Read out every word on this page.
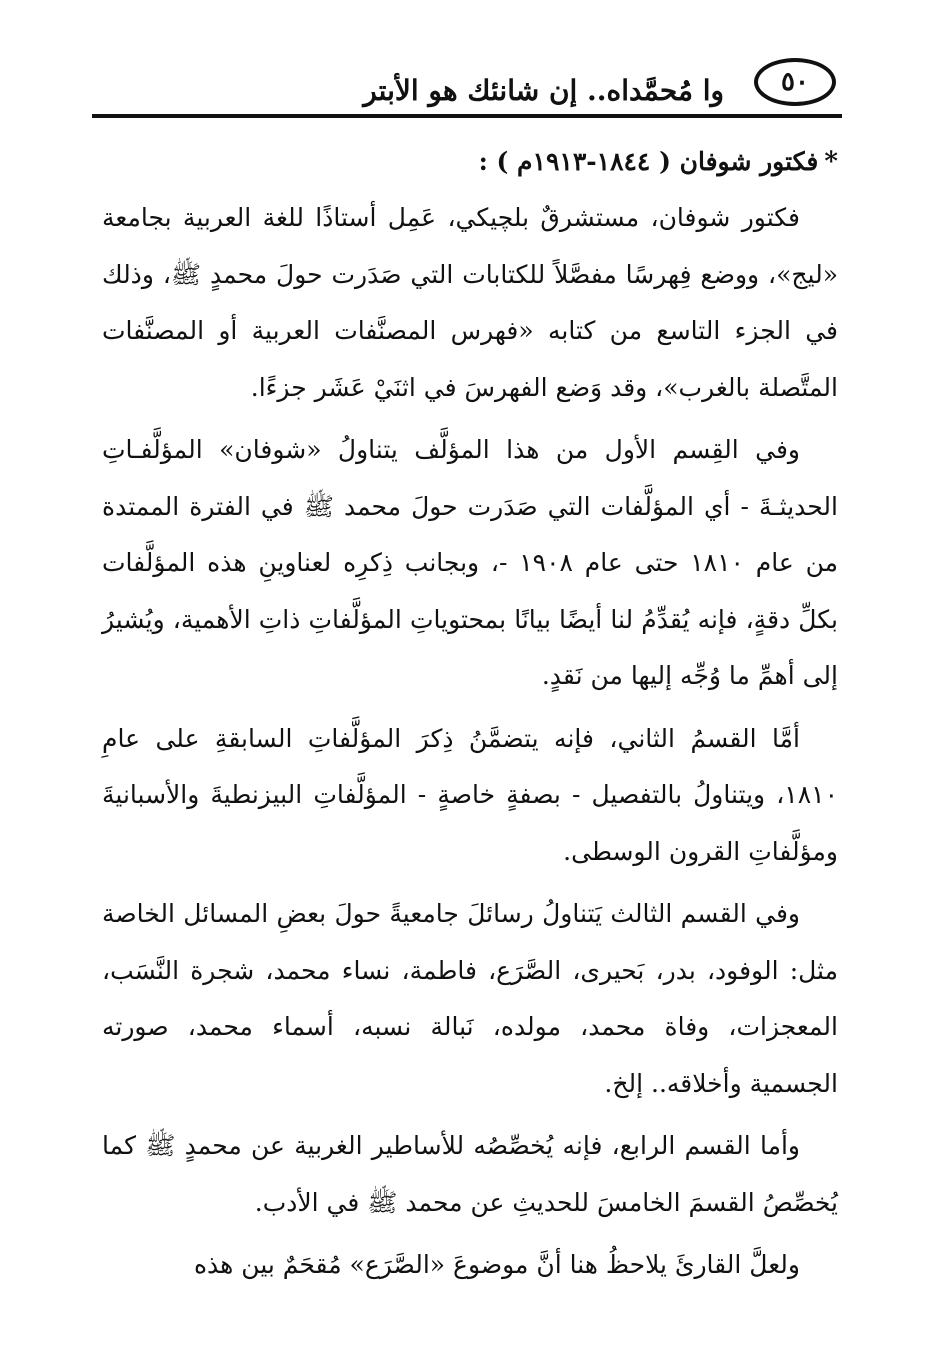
وا مُحمَّداه.. إن شانئك هو الأبتر	٥٠

*فكتور شوفان ( ١٨٤٤-١٩١٣م ) :

فكتور شوفان، مستشرقٌ بلچيكي، عَمِل أستاذًا للغة العربية بجامعة «ليج»، ووضع فِهرسًا مفصَّلاً للكتابات التي صَدَرت حولَ محمدٍ ﷺ، وذلك في الجزء التاسع من كتابه «فهرس المصنَّفات العربية أو المصنَّفات المتَّصلة بالغرب»، وقد وَضع الفهرسَ في اثنَيْ عَشَر جزءًا.

وفي القِسم الأول من هذا المؤلَّف يتناولُ «شوفان» المؤلَّفـاتِ الحديثـةَ - أي المؤلَّفات التي صَدَرت حولَ محمد ﷺ في الفترة الممتدة من عام ١٨١٠ حتى عام ١٩٠٨ -، وبجانب ذِكرِه لعناوينِ هذه المؤلَّفات بكلِّ دقةٍ، فإنه يُقدِّمُ لنا أيضًا بيانًا بمحتوياتِ المؤلَّفاتِ ذاتِ الأهمية، ويُشيرُ إلى أهمِّ ما وُجِّه إليها من نَقدٍ.

أمَّا القسمُ الثاني، فإنه يتضمَّنُ ذِكرَ المؤلَّفاتِ السابقةِ على عامِ ١٨١٠، ويتناولُ بالتفصيل - بصفةٍ خاصةٍ - المؤلَّفاتِ البيزنطيةَ والأسبانيةَ ومؤلَّفاتِ القرون الوسطى.

وفي القسم الثالث يَتناولُ رسائلَ جامعيةً حولَ بعضِ المسائل الخاصة مثل: الوفود، بدر، بَحيرى، الصَّرَع، فاطمة، نساء محمد، شجرة النَّسَب، المعجزات، وفاة محمد، مولده، نَبالة نسبه، أسماء محمد، صورته الجسمية وأخلاقه.. إلخ.

وأما القسم الرابع، فإنه يُخصِّصُه للأساطير الغربية عن محمدٍ ﷺ كما يُخصِّصُ القسمَ الخامسَ للحديثِ عن محمد ﷺ في الأدب.

ولعلَّ القارئَ يلاحظُ هنا أنَّ موضوعَ «الصَّرَع» مُقحَمٌ بين هذه
